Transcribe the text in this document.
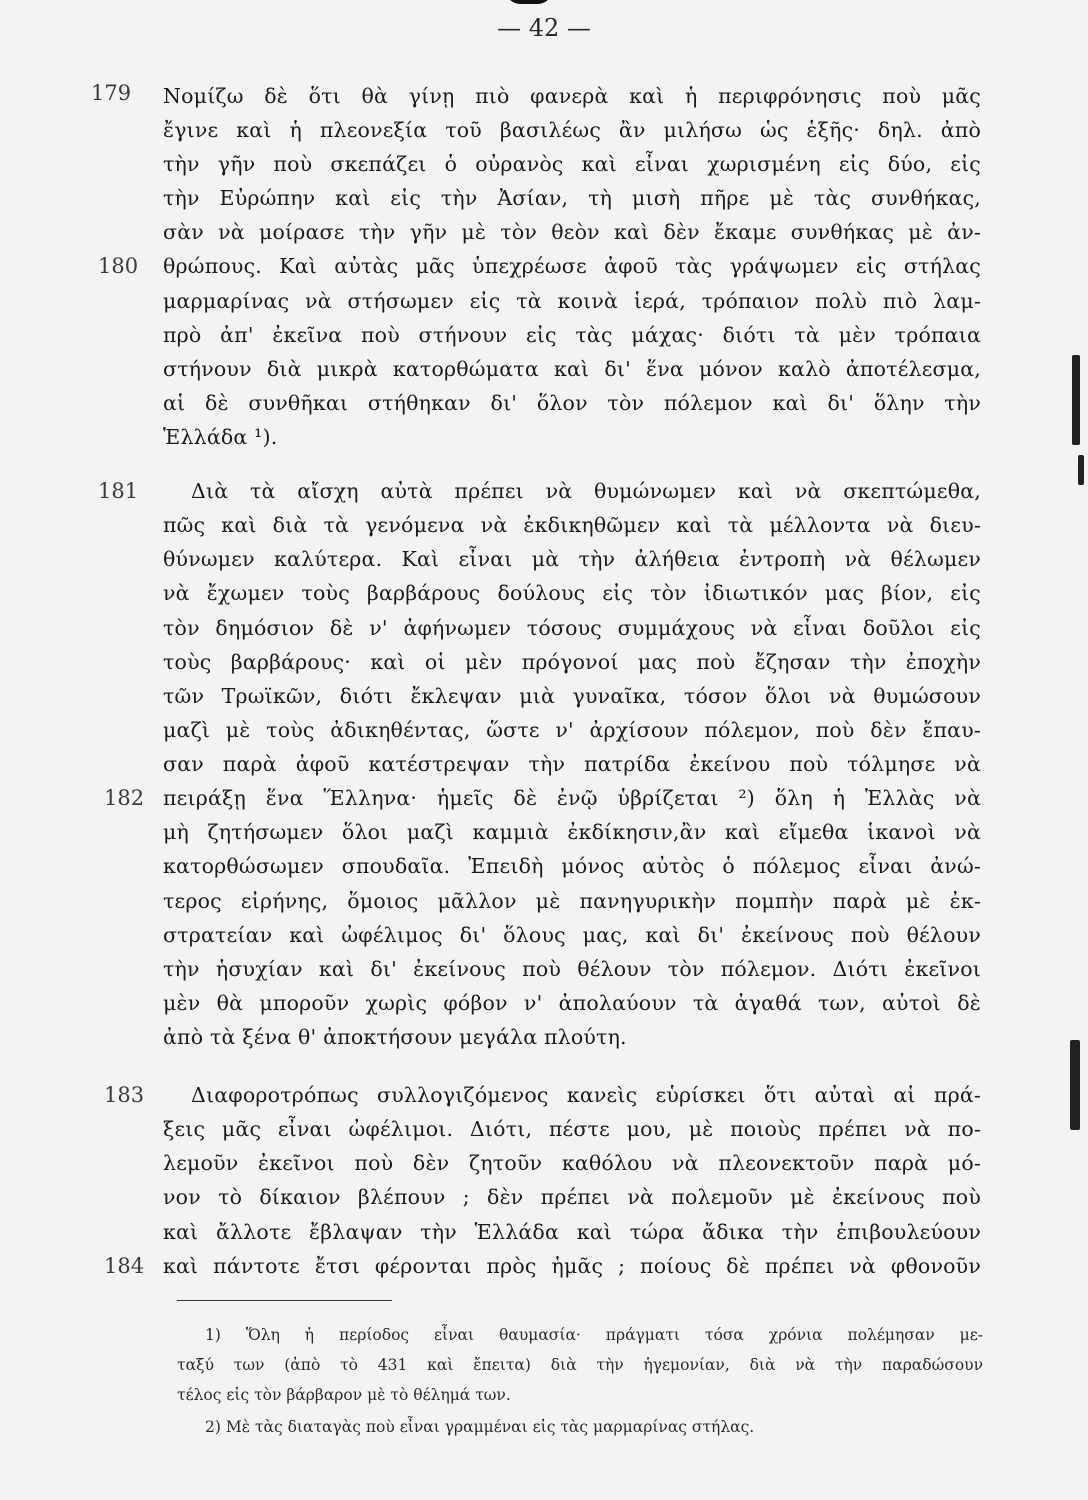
— 42 —
Νομίζω δὲ ὅτι θὰ γίνῃ πιὸ φανερὰ καὶ ἡ περιφρόνησις ποὺ μᾶς
ἔγινε καὶ ἡ πλεονεξία τοῦ βασιλέως ἂν μιλήσω ὡς ἑξῆς· δηλ. ἀπὸ
τὴν γῆν ποὺ σκεπάζει ὁ οὐρανὸς καὶ εἶναι χωρισμένη εἰς δύο, εἰς
τὴν Εὐρώπην καὶ εἰς τὴν Ἀσίαν, τὴ μισὴ πῆρε μὲ τὰς συνθήκας,
σὰν νὰ μοίρασε τὴν γῆν μὲ τὸν θεὸν καὶ δὲν ἔκαμε συνθήκας μὲ ἀν-
θρώπους. Καὶ αὐτὰς μᾶς ὑπεχρέωσε ἀφοῦ τὰς γράψωμεν εἰς στήλας
μαρμαρίνας νὰ στήσωμεν εἰς τὰ κοινὰ ἱερά, τρόπαιον πολὺ πιὸ λαμ-
πρὸ ἀπ' ἐκεῖνα ποὺ στήνουν εἰς τὰς μάχας· διότι τὰ μὲν τρόπαια
στήνουν διὰ μικρὰ κατορθώματα καὶ δι' ἕνα μόνον καλὸ ἀποτέλεσμα,
αἱ δὲ συνθῆκαι στήθηκαν δι' ὅλον τὸν πόλεμον καὶ δι' ὅλην τὴν
Ἑλλάδα ¹).
Διὰ τὰ αἴσχη αὐτὰ πρέπει νὰ θυμώνωμεν καὶ νὰ σκεπτώμεθα,
πῶς καὶ διὰ τὰ γενόμενα νὰ ἐκδικηθῶμεν καὶ τὰ μέλλοντα νὰ διευ-
θύνωμεν καλύτερα. Καὶ εἶναι μὰ τὴν ἀλήθεια ἐντροπὴ νὰ θέλωμεν
νὰ ἔχωμεν τοὺς βαρβάρους δούλους εἰς τὸν ἰδιωτικόν μας βίον, εἰς
τὸν δημόσιον δὲ ν' ἀφήνωμεν τόσους συμμάχους νὰ εἶναι δοῦλοι εἰς
τοὺς βαρβάρους· καὶ οἱ μὲν πρόγονοί μας ποὺ ἔζησαν τὴν ἐποχὴν
τῶν Τρωϊκῶν, διότι ἔκλεψαν μιὰ γυναῖκα, τόσον ὅλοι νὰ θυμώσουν
μαζὶ μὲ τοὺς ἀδικηθέντας, ὥστε ν' ἀρχίσουν πόλεμον, ποὺ δὲν ἔπαυ-
σαν παρὰ ἀφοῦ κατέστρεψαν τὴν πατρίδα ἐκείνου ποὺ τόλμησε νὰ
πειράξῃ ἕνα Ἕλληνα· ἡμεῖς δὲ ἐνῷ ὑβρίζεται ²) ὅλη ἡ Ἑλλὰς νὰ
μὴ ζητήσωμεν ὅλοι μαζὶ καμμιὰ ἐκδίκησιν,ἂν καὶ εἴμεθα ἱκανοὶ νὰ
κατορθώσωμεν σπουδαῖα. Ἐπειδὴ μόνος αὐτὸς ὁ πόλεμος εἶναι ἀνώ-
τερος εἰρήνης, ὅμοιος μᾶλλον μὲ πανηγυρικὴν πομπὴν παρὰ μὲ ἐκ-
στρατείαν καὶ ὠφέλιμος δι' ὅλους μας, καὶ δι' ἐκείνους ποὺ θέλουν
τὴν ἡσυχίαν καὶ δι' ἐκείνους ποὺ θέλουν τὸν πόλεμον. Διότι ἐκεῖνοι
μὲν θὰ μποροῦν χωρὶς φόβον ν' ἀπολαύουν τὰ ἀγαθά των, αὐτοὶ δὲ
ἀπὸ τὰ ξένα θ' ἀποκτήσουν μεγάλα πλούτη.
Διαφοροτρόπως συλλογιζόμενος κανεὶς εὑρίσκει ὅτι αὐταὶ αἱ πρά-
ξεις μᾶς εἶναι ὠφέλιμοι. Διότι, πέστε μου, μὲ ποιοὺς πρέπει νὰ πο-
λεμοῦν ἐκεῖνοι ποὺ δὲν ζητοῦν καθόλου νὰ πλεονεκτοῦν παρὰ μό-
νον τὸ δίκαιον βλέπουν ; δὲν πρέπει νὰ πολεμοῦν μὲ ἐκείνους ποὺ
καὶ ἄλλοτε ἔβλαψαν τὴν Ἑλλάδα καὶ τώρα ἄδικα τὴν ἐπιβουλεύουν
καὶ πάντοτε ἔτσι φέρονται πρὸς ἡμᾶς ; ποίους δὲ πρέπει νὰ φθονοῦν
179
180
181
182
183
184
1) Ὅλη ἡ περίοδος εἶναι θαυμασία· πράγματι τόσα χρόνια πολέμησαν με-
ταξύ των (ἀπὸ τὸ 431 καὶ ἔπειτα) διὰ τὴν ἡγεμονίαν, διὰ νὰ τὴν παραδώσουν
τέλος εἰς τὸν βάρβαρον μὲ τὸ θέλημά των.
2) Μὲ τὰς διαταγὰς ποὺ εἶναι γραμμέναι εἰς τὰς μαρμαρίνας στήλας.
